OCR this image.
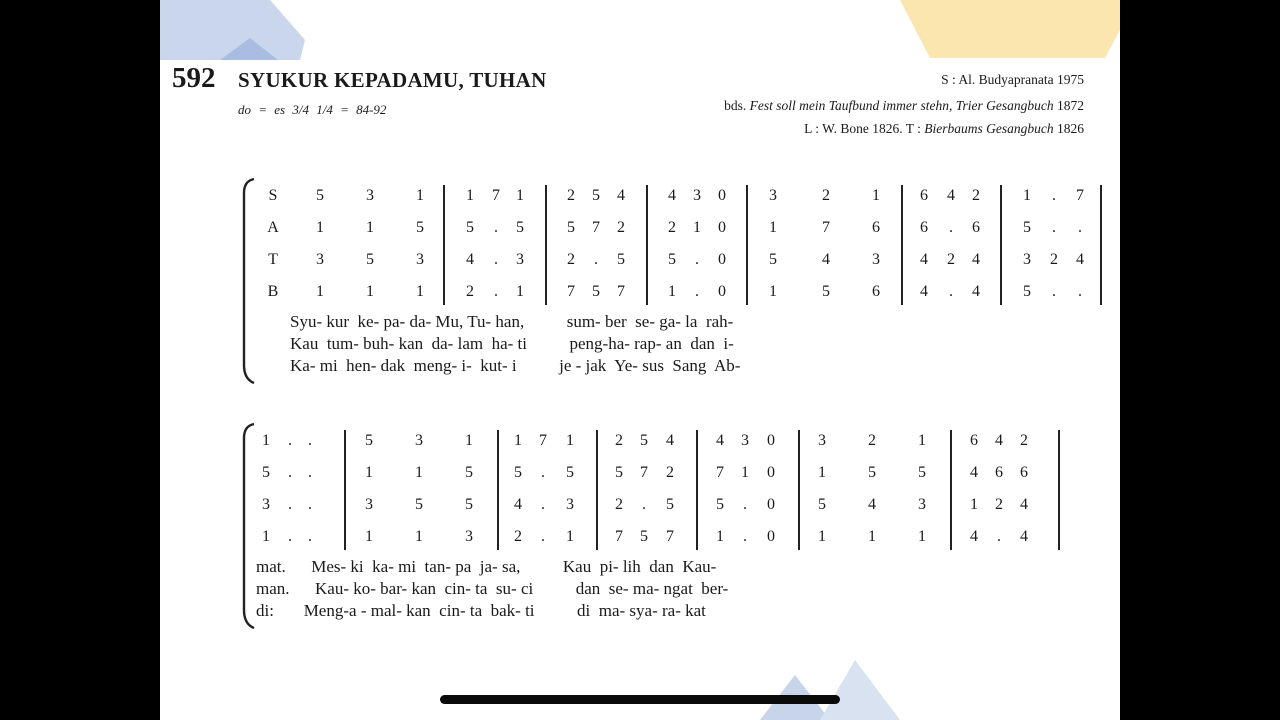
592 SYUKUR KEPADAMU, TUHAN
do = es 3/4 1/4 = 84-92
S : Al. Budyapranata 1975
bds. Fest soll mein Taufbund immer stehn, Trier Gesangbuch 1872
L : W. Bone 1826. T : Bierbaums Gesangbuch 1826
S	5	3	1	1	7	1	2	5	4	4	3	0	3	2	1	6	4	2	1	.	7
A	1	1	5	5	.	5	5	7	2	2	1	0	1	7	6	6	.	6	5	.	.
T	3	5	3	4	.	3	2	.	5	5	.	0	5	4	3	4	2	4	3	2	4
B	1	1	1	2	.	1	7	5	7	1	.	0	1	5	6	4	.	4	5	.	.
Syu- kur  ke- pa- da- Mu, Tu- han,          sum- ber  se- ga- la  rah-
Kau  tum- buh- kan  da- lam  ha- ti          peng-ha- rap- an  dan  i-
Ka- mi  hen- dak  meng- i-  kut- i          je - jak  Ye- sus  Sang  Ab-
1	.	.	5	3	1	1	7	1	2	5	4	4	3	0	3	2	1	6	4	2
5	.	.	1	1	5	5	.	5	5	7	2	7	1	0	1	5	5	4	6	6
3	.	.	3	5	5	4	.	3	2	.	5	5	.	0	5	4	3	1	2	4
1	.	.	1	1	3	2	.	1	7	5	7	1	.	0	1	1	1	4	.	4
mat.      Mes- ki  ka- mi  tan- pa  ja- sa,          Kau  pi- lih  dan  Kau-
man.      Kau- ko- bar- kan  cin- ta  su- ci          dan  se- ma- ngat  ber-
di:       Meng-a - mal- kan  cin- ta  bak- ti          di  ma- sya- ra- kat
